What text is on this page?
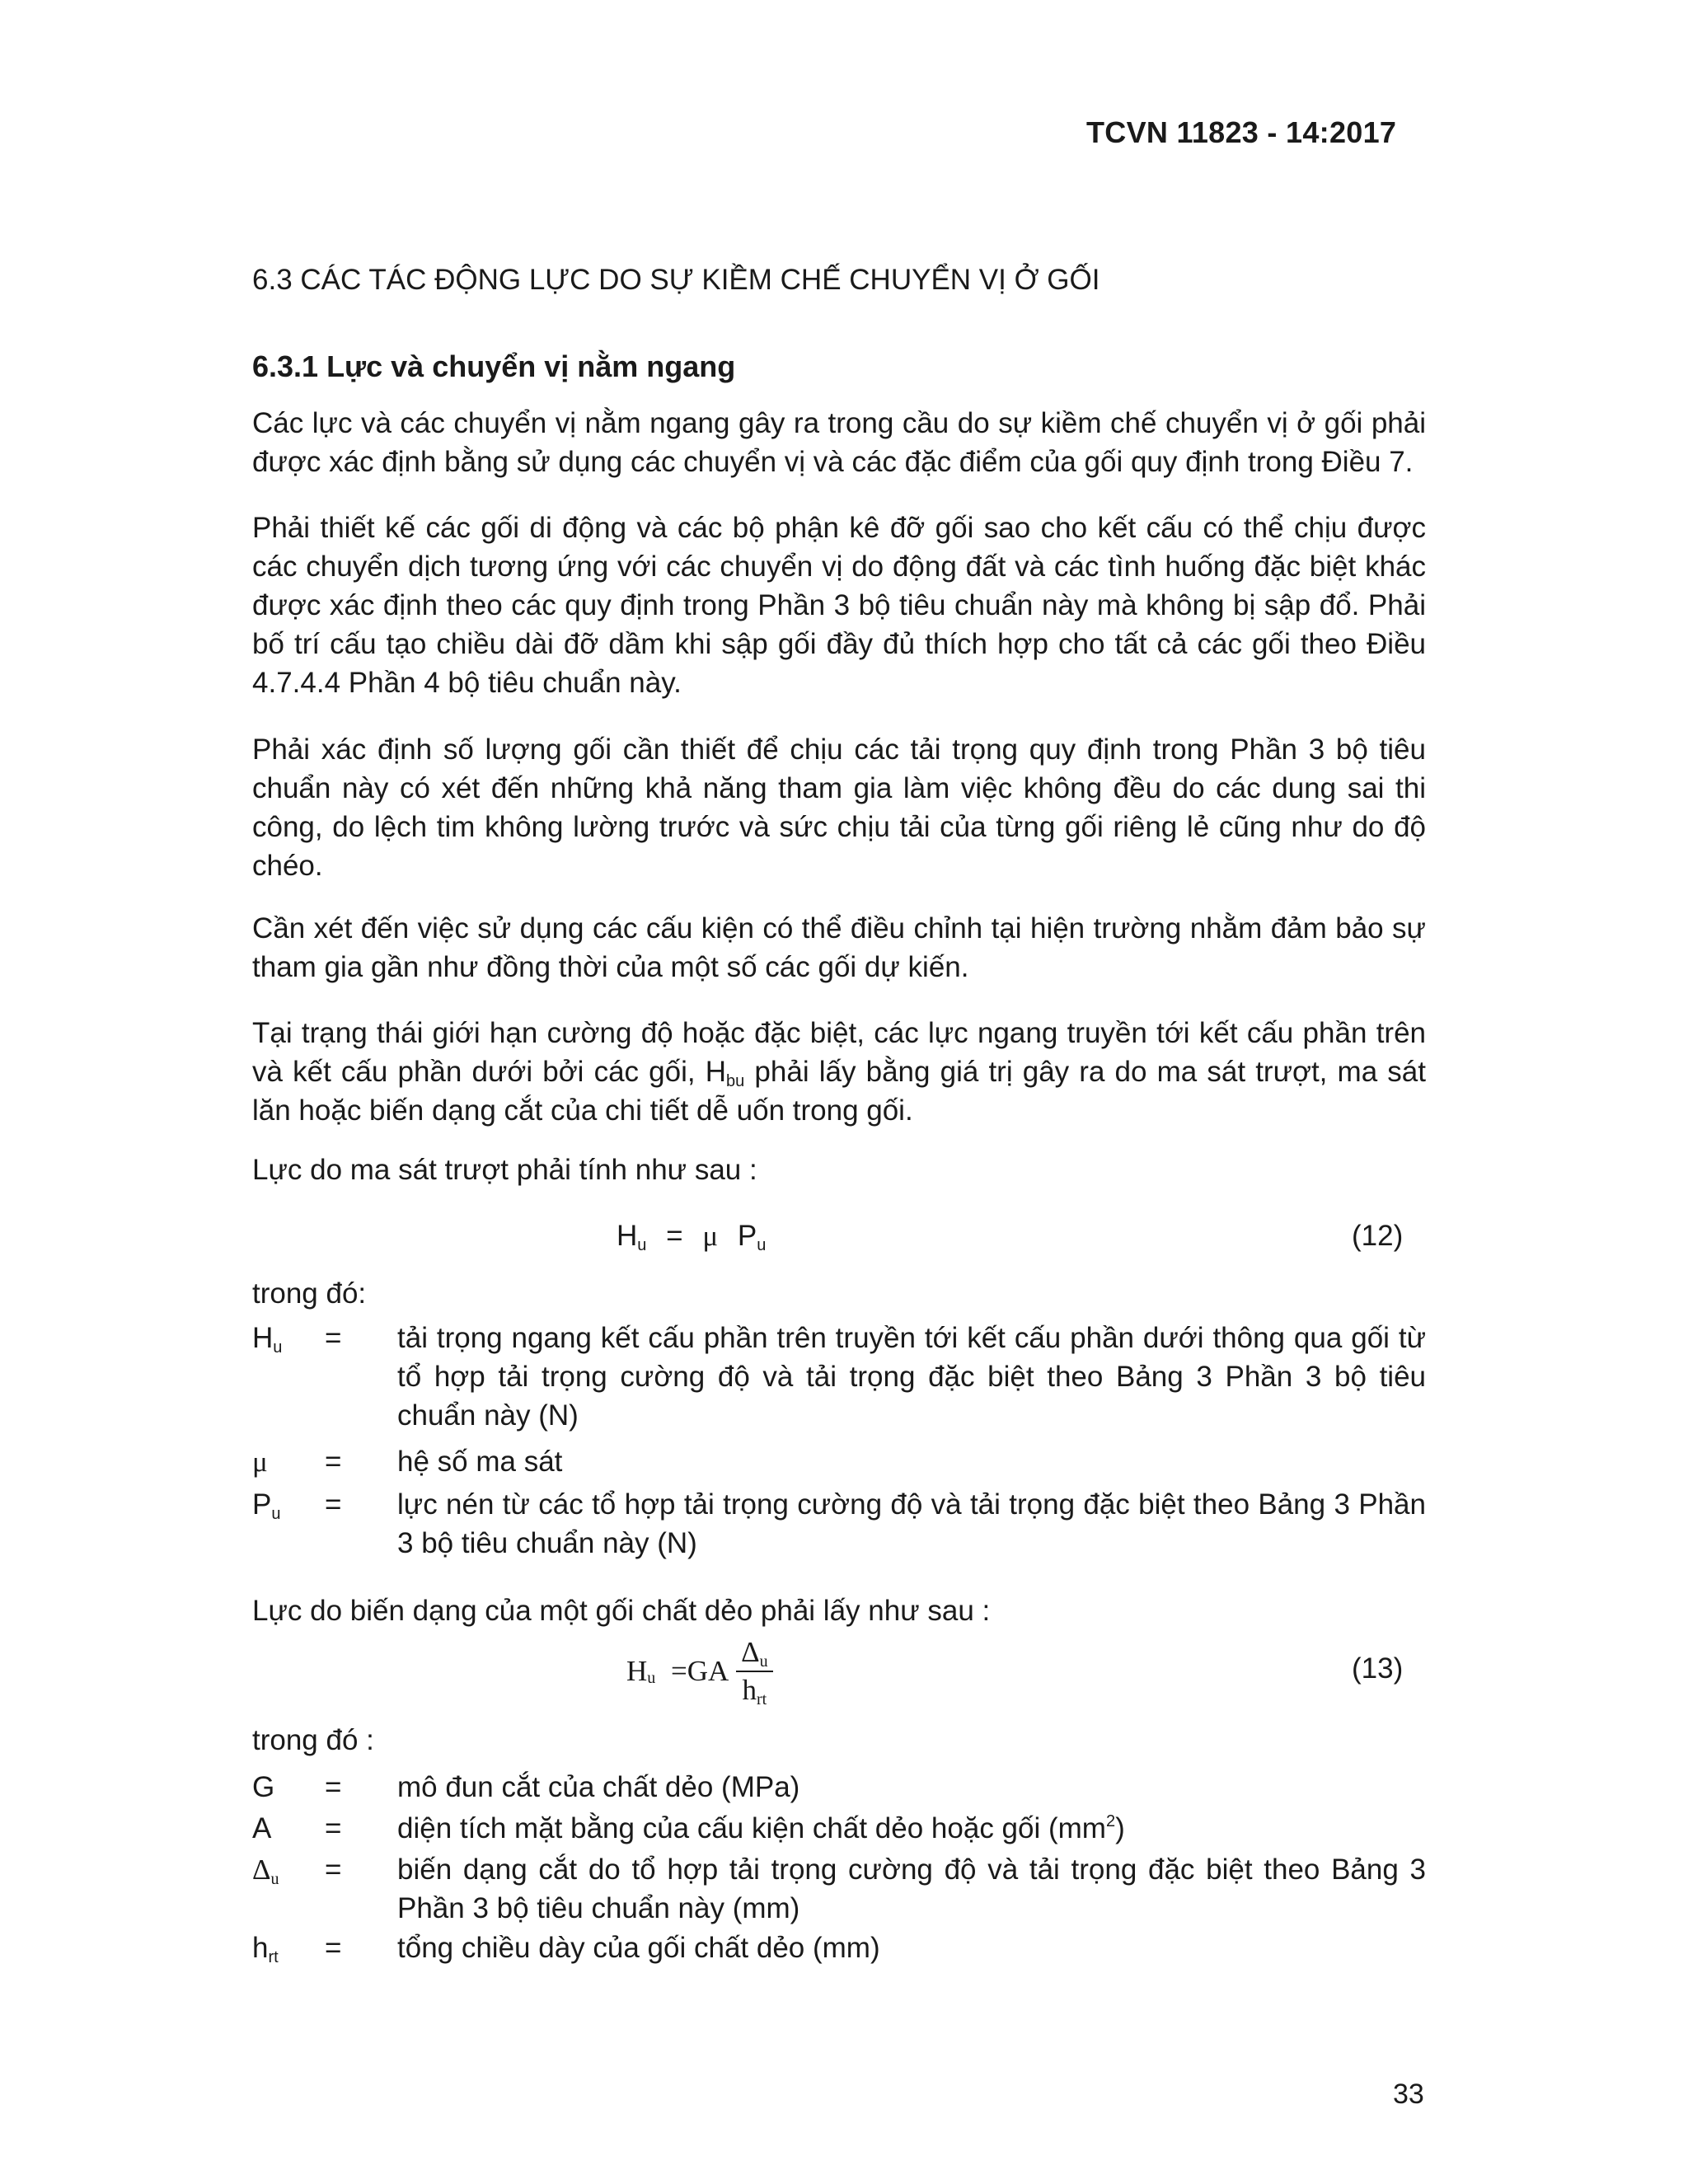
TCVN 11823 - 14:2017
6.3 CÁC TÁC ĐỘNG LỰC DO SỰ KIỀM CHẾ CHUYỂN VỊ Ở GỐI
6.3.1 Lực và chuyển vị nằm ngang
Các lực và các chuyển vị nằm ngang gây ra trong cầu do sự kiềm chế chuyển vị ở gối phải được xác định bằng sử dụng các chuyển vị và các đặc điểm của gối quy định trong Điều 7.
Phải thiết kế các gối di động và các bộ phận kê đỡ gối sao cho kết cấu có thể chịu được các chuyển dịch tương ứng với các chuyển vị do động đất và các tình huống đặc biệt khác được xác định theo các quy định trong Phần 3 bộ tiêu chuẩn này mà không bị sập đổ. Phải bố trí cấu tạo chiều dài đỡ dầm khi sập gối đầy đủ thích hợp cho tất cả các gối theo Điều 4.7.4.4 Phần 4 bộ tiêu chuẩn này.
Phải xác định số lượng gối cần thiết để chịu các tải trọng quy định trong Phần 3 bộ tiêu chuẩn này có xét đến những khả năng tham gia làm việc không đều do các dung sai thi công, do lệch tim không lường trước và sức chịu tải của từng gối riêng lẻ cũng như do độ chéo.
Cần xét đến việc sử dụng các cấu kiện có thể điều chỉnh tại hiện trường nhằm đảm bảo sự tham gia gần như đồng thời của một số các gối dự kiến.
Tại trạng thái giới hạn cường độ hoặc đặc biệt, các lực ngang truyền tới kết cấu phần trên và kết cấu phần dưới bởi các gối, $H_{bu}$ phải lấy bằng giá trị gây ra do ma sát trượt, ma sát lăn hoặc biến dạng cắt của chi tiết dễ uốn trong gối.
Lực do ma sát trượt phải tính như sau :
$H_u = \mu$ $P_u$	(12)
trong đó:
$H_u$	=	tải trọng ngang kết cấu phần trên truyền tới kết cấu phần dưới thông qua gối từ tổ hợp tải trọng cường độ và tải trọng đặc biệt theo Bảng 3 Phần 3 bộ tiêu chuẩn này (N)
μ	=	hệ số ma sát
$P_u$	=	lực nén từ các tổ hợp tải trọng cường độ và tải trọng đặc biệt theo Bảng 3 Phần 3 bộ tiêu chuẩn này (N)
Lực do biến dạng của một gối chất dẻo phải lấy như sau :
$H_u =GA \frac{\Delta_u}{h_{rt}}$	(13)
trong đó :
G	=	mô đun cắt của chất dẻo (MPa)
A	=	diện tích mặt bằng của cấu kiện chất dẻo hoặc gối $(mm^2)$
$\Delta_u$	=	biến dạng cắt do tổ hợp tải trọng cường độ và tải trọng đặc biệt theo Bảng 3 Phần 3 bộ tiêu chuẩn này (mm)
$h_{rt}$	=	tổng chiều dày của gối chất dẻo (mm)
33
